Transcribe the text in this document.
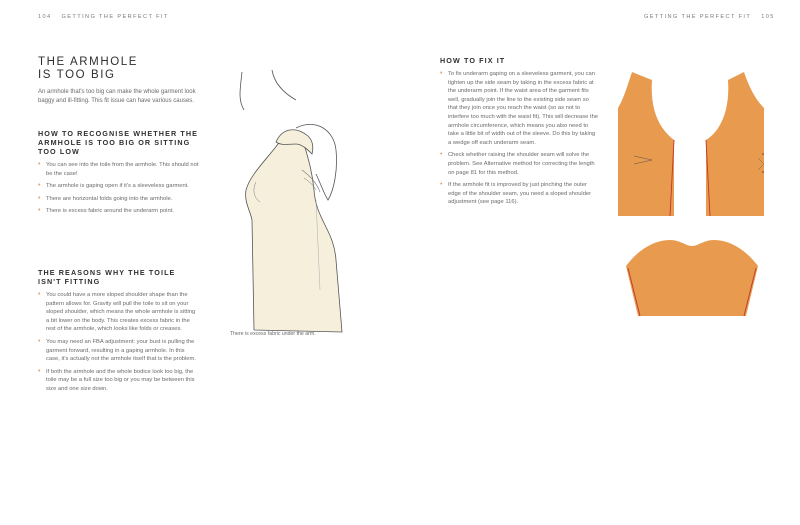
104 GETTING THE PERFECT FIT
THE ARMHOLE
IS TOO BIG

An armhole that's too big can make the whole garment look baggy and ill-fitting. This fit issue can have various causes.

HOW TO RECOGNISE WHETHER THE ARMHOLE IS TOO BIG OR SITTING TOO LOW
• You can see into the toile from the armhole. This should not be the case!
• The armhole is gaping open if it's a sleeveless garment.
• There are horizontal folds going into the armhole.
• There is excess fabric around the underarm point.
THE REASONS WHY THE TOILE ISN'T FITTING
• You could have a more sloped shoulder shape than the pattern allows for. Gravity will pull the toile to sit on your sloped shoulder, which means the whole armhole is sitting a bit lower on the body. This creates excess fabric in the rest of the armhole, which looks like folds or creases.
• You may need an FBA adjustment: your bust is pulling the garment forward, resulting in a gaping armhole. In this case, it's actually not the armhole itself that is the problem.
• If both the armhole and the whole bodice look too big, the toile may be a full size too big or you may be between this size and one size down.
There is excess fabric under the arm.
GETTING THE PERFECT FIT 105
HOW TO FIX IT
• To fix underarm gaping on a sleeveless garment, you can tighten up the side seam by taking in the excess fabric at the underarm point. If the waist area of the garment fits well, gradually join the line to the existing side seam so that they join once you reach the waist (so as not to interfere too much with the waist fit). This will decrease the armhole circumference, which means you also need to take a little bit of width out of the sleeve. Do this by taking a wedge off each underarm seam.
• Check whether raising the shoulder seam will solve the problem. See Alternative method for correcting the length on page 81 for this method.
• If the armhole fit is improved by just pinching the outer edge of the shoulder seam, you need a sloped shoulder adjustment (see page 116).
